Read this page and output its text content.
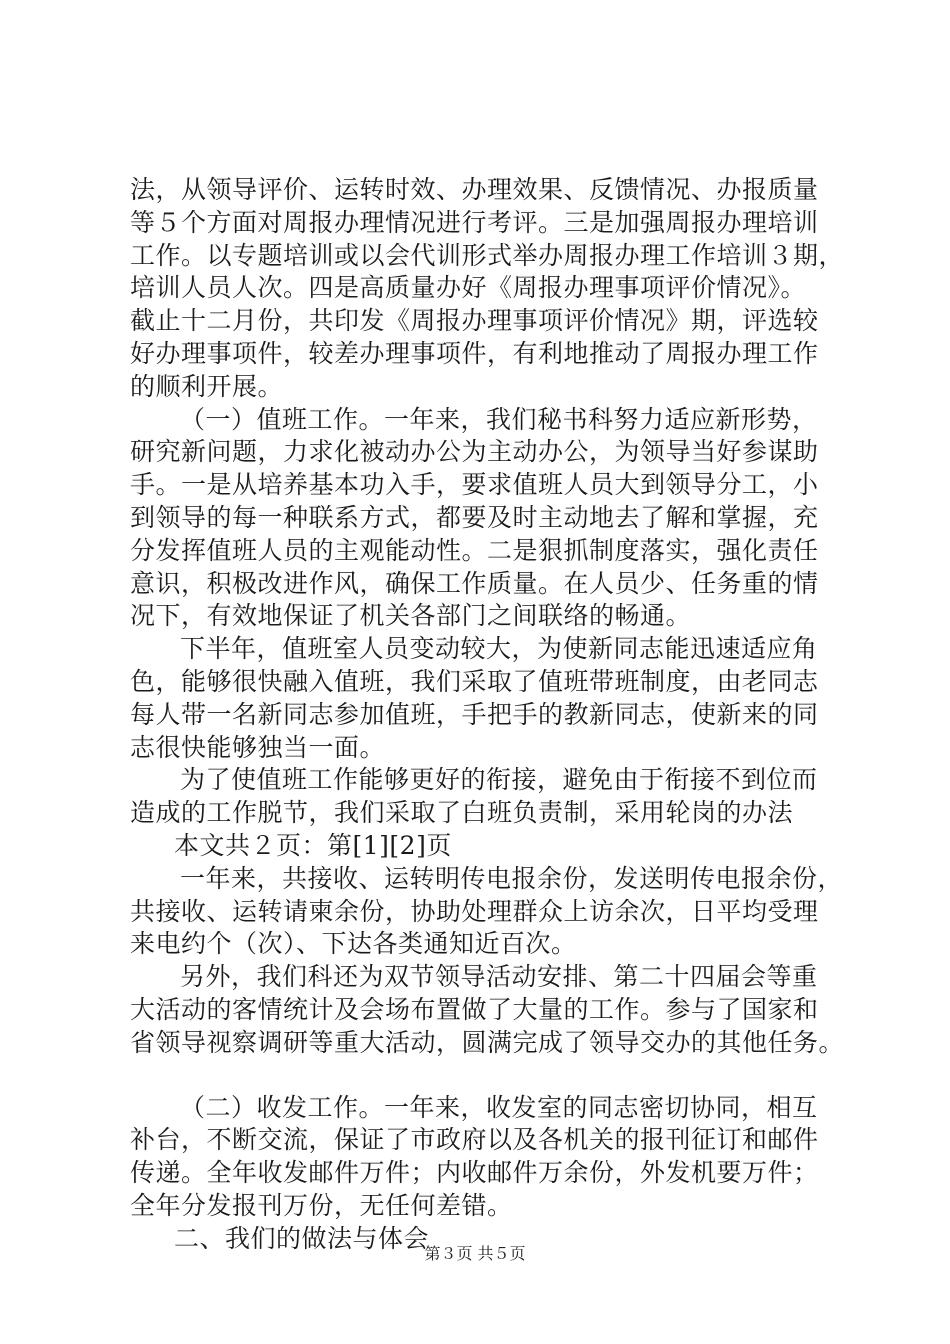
法，从领导评价、运转时效、办理效果、反馈情况、办报质量
等５个方面对周报办理情况进行考评。三是加强周报办理培训
工作。以专题培训或以会代训形式举办周报办理工作培训３期，
培训人员人次。四是高质量办好《周报办理事项评价情况》。
截止十二月份，共印发《周报办理事项评价情况》期，评选较
好办理事项件，较差办理事项件，有利地推动了周报办理工作
的顺利开展。
（一）值班工作。一年来，我们秘书科努力适应新形势，
研究新问题，力求化被动办公为主动办公，为领导当好参谋助
手。一是从培养基本功入手，要求值班人员大到领导分工，小
到领导的每一种联系方式，都要及时主动地去了解和掌握，充
分发挥值班人员的主观能动性。二是狠抓制度落实，强化责任
意识，积极改进作风，确保工作质量。在人员少、任务重的情
况下，有效地保证了机关各部门之间联络的畅通。
下半年，值班室人员变动较大，为使新同志能迅速适应角
色，能够很快融入值班，我们采取了值班带班制度，由老同志
每人带一名新同志参加值班，手把手的教新同志，使新来的同
志很快能够独当一面。
为了使值班工作能够更好的衔接，避免由于衔接不到位而
造成的工作脱节，我们采取了白班负责制，采用轮岗的办法
本文共２页：第[1][2]页
一年来，共接收、运转明传电报余份，发送明传电报余份，
共接收、运转请柬余份，协助处理群众上访余次，日平均受理
来电约个（次）、下达各类通知近百次。
另外，我们科还为双节领导活动安排、第二十四届会等重
大活动的客情统计及会场布置做了大量的工作。参与了国家和
省领导视察调研等重大活动，圆满完成了领导交办的其他任务。
（二）收发工作。一年来，收发室的同志密切协同，相互
补台，不断交流，保证了市政府以及各机关的报刊征订和邮件
传递。全年收发邮件万件；内收邮件万余份，外发机要万件；
全年分发报刊万份，无任何差错。
二、我们的做法与体会
第３页 共５页
